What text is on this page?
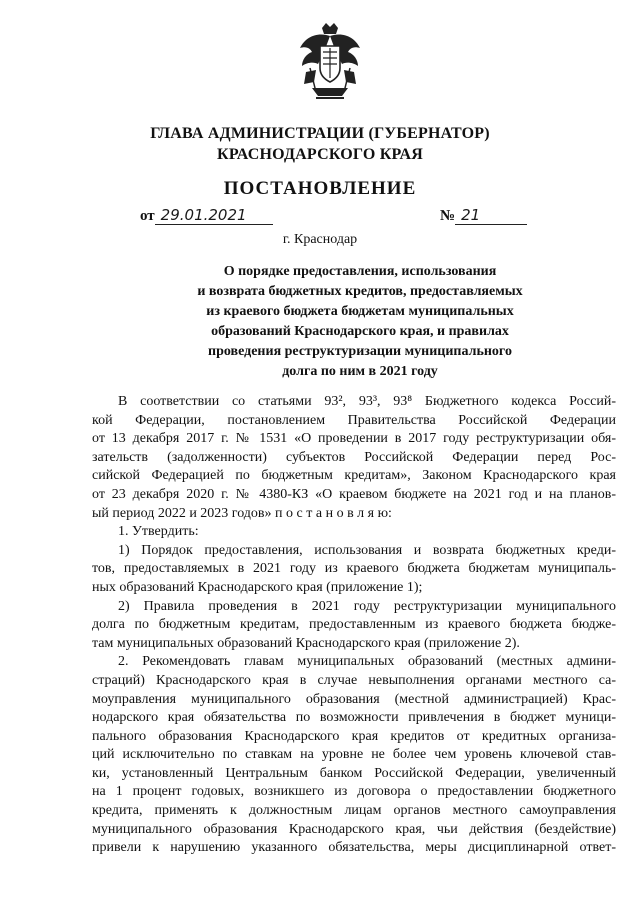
ГЛАВА АДМИНИСТРАЦИИ (ГУБЕРНАТОР)
КРАСНОДАРСКОГО КРАЯ
ПОСТАНОВЛЕНИЕ
от 29.01.2021	№ 21
г. Краснодар
О порядке предоставления, использования
и возврата бюджетных кредитов, предоставляемых
из краевого бюджета бюджетам муниципальных
образований Краснодарского края, и правилах
проведения реструктуризации муниципального
долга по ним в 2021 году
В соответствии со статьями 93², 93³, 93⁸ Бюджетного кодекса Россий-
кой Федерации, постановлением Правительства Российской Федерации
от 13 декабря 2017 г. № 1531 «О проведении в 2017 году реструктуризации обя-
зательств (задолженности) субъектов Российской Федерации перед Рос-
сийской Федерацией по бюджетным кредитам», Законом Краснодарского края
от 23 декабря 2020 г. № 4380-КЗ «О краевом бюджете на 2021 год и на планов-
ый период 2022 и 2023 годов» п о с т а н о в л я ю:
1. Утвердить:
1) Порядок предоставления, использования и возврата бюджетных креди-
тов, предоставляемых в 2021 году из краевого бюджета бюджетам муниципаль-
ных образований Краснодарского края (приложение 1);
2) Правила проведения в 2021 году реструктуризации муниципального
долга по бюджетным кредитам, предоставленным из краевого бюджета бюдже-
там муниципальных образований Краснодарского края (приложение 2).
2. Рекомендовать главам муниципальных образований (местных админи-
страций) Краснодарского края в случае невыполнения органами местного са-
моуправления муниципального образования (местной администрацией) Крас-
нодарского края обязательства по возможности привлечения в бюджет муници-
пального образования Краснодарского края кредитов от кредитных организа-
ций исключительно по ставкам на уровне не более чем уровень ключевой став-
ки, установленный Центральным банком Российской Федерации, увеличенный
на 1 процент годовых, возникшего из договора о предоставлении бюджетного
кредита, применять к должностным лицам органов местного самоуправления
муниципального образования Краснодарского края, чьи действия (бездействие)
привели к нарушению указанного обязательства, меры дисциплинарной ответ-
